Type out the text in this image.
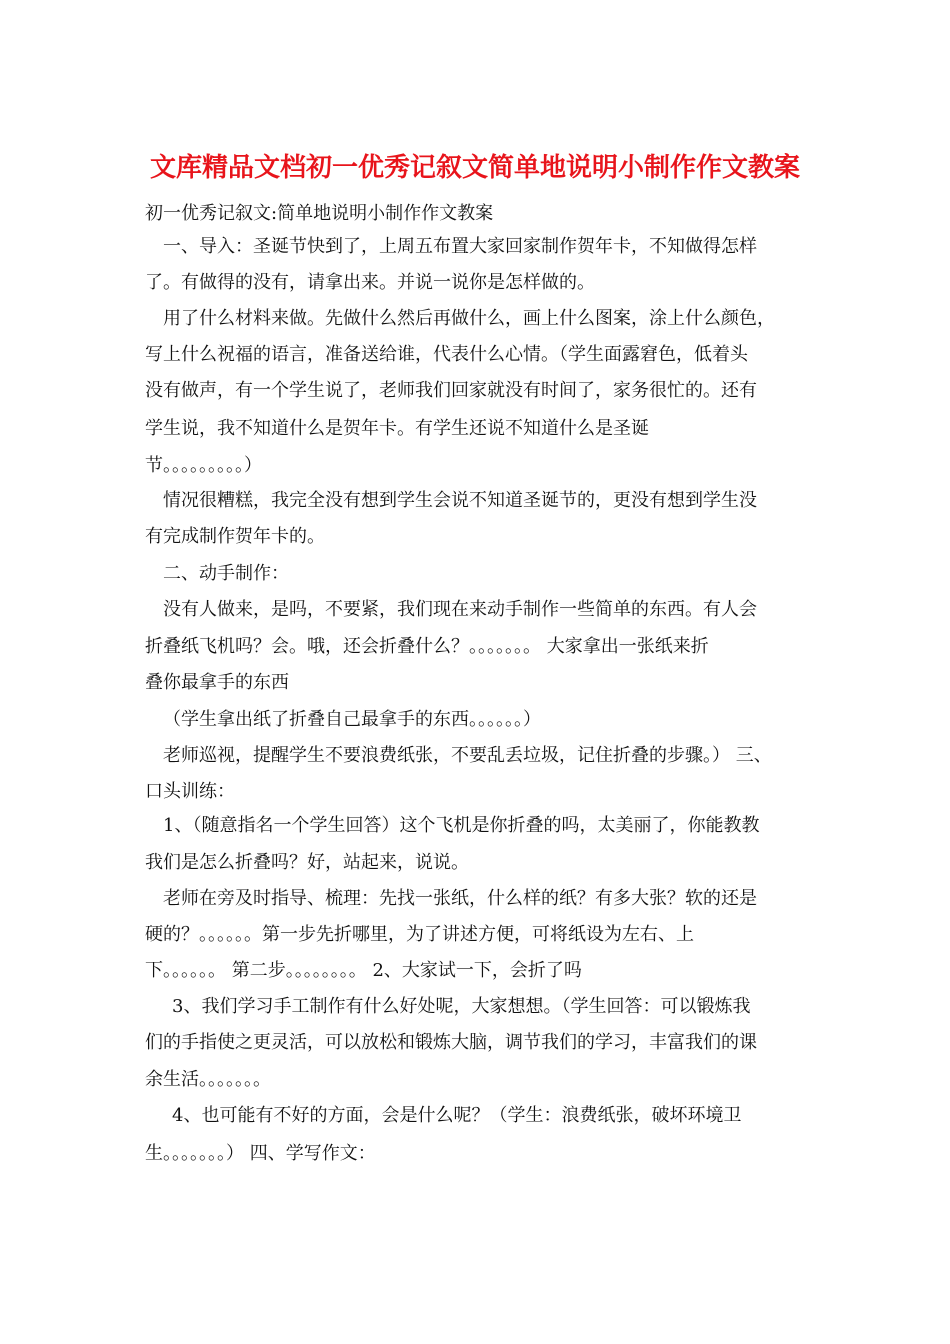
文库精品文档初一优秀记叙文简单地说明小制作作文教案
初一优秀记叙文:简单地说明小制作作文教案
一、导入：圣诞节快到了，上周五布置大家回家制作贺年卡，不知做得怎样
了。有做得的没有，请拿出来。并说一说你是怎样做的。
用了什么材料来做。先做什么然后再做什么，画上什么图案，涂上什么颜色，
写上什么祝福的语言，准备送给谁，代表什么心情。（学生面露窘色，低着头
没有做声，有一个学生说了，老师我们回家就没有时间了，家务很忙的。还有
学生说，我不知道什么是贺年卡。有学生还说不知道什么是圣诞
节。。。。。。。。。）
情况很糟糕，我完全没有想到学生会说不知道圣诞节的，更没有想到学生没
有完成制作贺年卡的。
二、动手制作：
没有人做来，是吗，不要紧，我们现在来动手制作一些简单的东西。有人会
折叠纸飞机吗？会。哦，还会折叠什么？。。。。。。。 大家拿出一张纸来折
叠你最拿手的东西
（学生拿出纸了折叠自己最拿手的东西。。。。。。）
老师巡视，提醒学生不要浪费纸张，不要乱丢垃圾，记住折叠的步骤。） 三、
口头训练：
1、（随意指名一个学生回答）这个飞机是你折叠的吗，太美丽了，你能教教
我们是怎么折叠吗？好，站起来，说说。
老师在旁及时指导、梳理：先找一张纸，什么样的纸？有多大张？软的还是
硬的？。。。。。。第一步先折哪里，为了讲述方便，可将纸设为左右、上
下。。。。。。 第二步。。。。。。。。 2、大家试一下，会折了吗
3、我们学习手工制作有什么好处呢，大家想想。（学生回答：可以锻炼我
们的手指使之更灵活，可以放松和锻炼大脑，调节我们的学习，丰富我们的课
余生活。。。。。。。
4、也可能有不好的方面，会是什么呢？（学生：浪费纸张，破坏环境卫
生。。。。。。。） 四、学写作文：
